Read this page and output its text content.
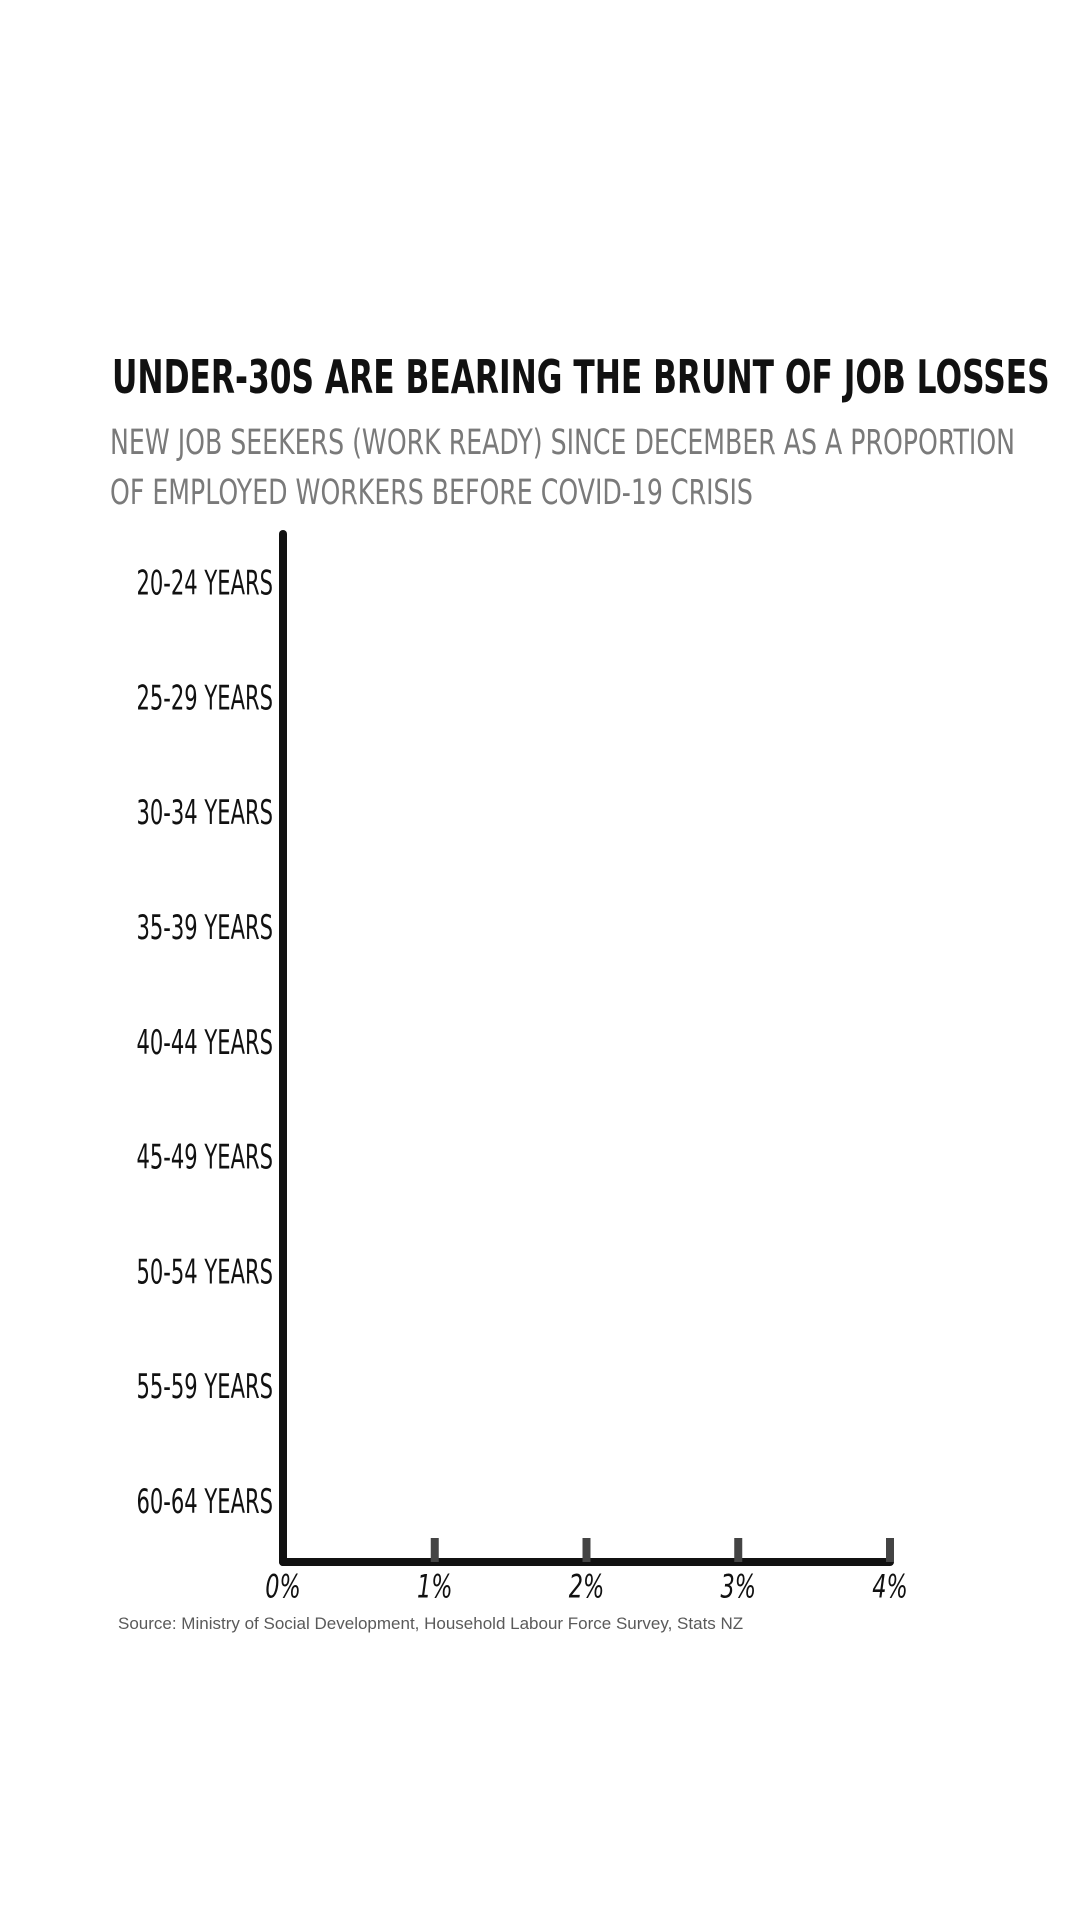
UNDER-30S ARE BEARING THE BRUNT OF JOB LOSSES
NEW JOB SEEKERS (WORK READY) SINCE DECEMBER AS A PROPORTION
OF EMPLOYED WORKERS BEFORE COVID-19 CRISIS
20-24 YEARS
25-29 YEARS
30-34 YEARS
35-39 YEARS
40-44 YEARS
45-49 YEARS
50-54 YEARS
55-59 YEARS
60-64 YEARS
0%	1%	2%	3%	4%
Source: Ministry of Social Development, Household Labour Force Survey, Stats NZ
